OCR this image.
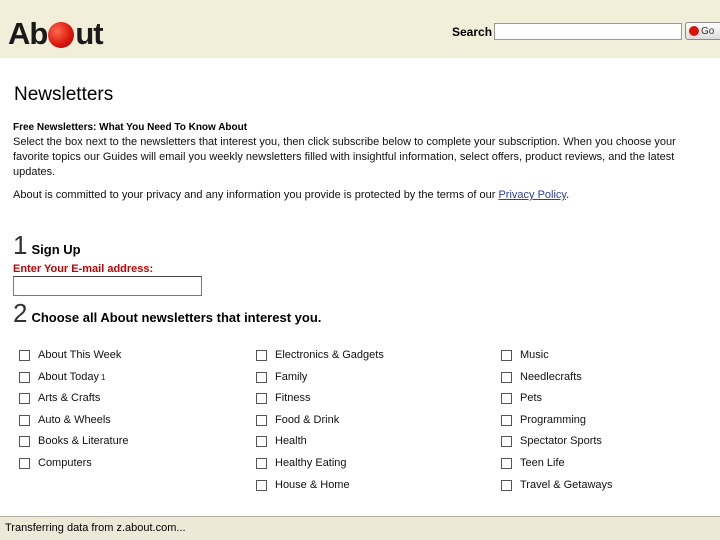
Ab ut	Search	Go
Newsletters
Free Newsletters: What You Need To Know About
Select the box next to the newsletters that interest you, then click subscribe below to complete your subscription. When you choose your favorite topics our Guides will email you weekly newsletters filled with insightful information, select offers, product reviews, and the latest updates.
About is committed to your privacy and any information you provide is protected by the terms of our Privacy Policy.
1 Sign Up
Enter Your E-mail address:
2 Choose all About newsletters that interest you.
About This Week
About Today 1
Arts & Crafts
Auto & Wheels
Books & Literature
Computers
Electronics & Gadgets
Family
Fitness
Food & Drink
Health
Healthy Eating
House & Home
Music
Needlecrafts
Pets
Programming
Spectator Sports
Teen Life
Travel & Getaways
Transferring data from z.about.com...
